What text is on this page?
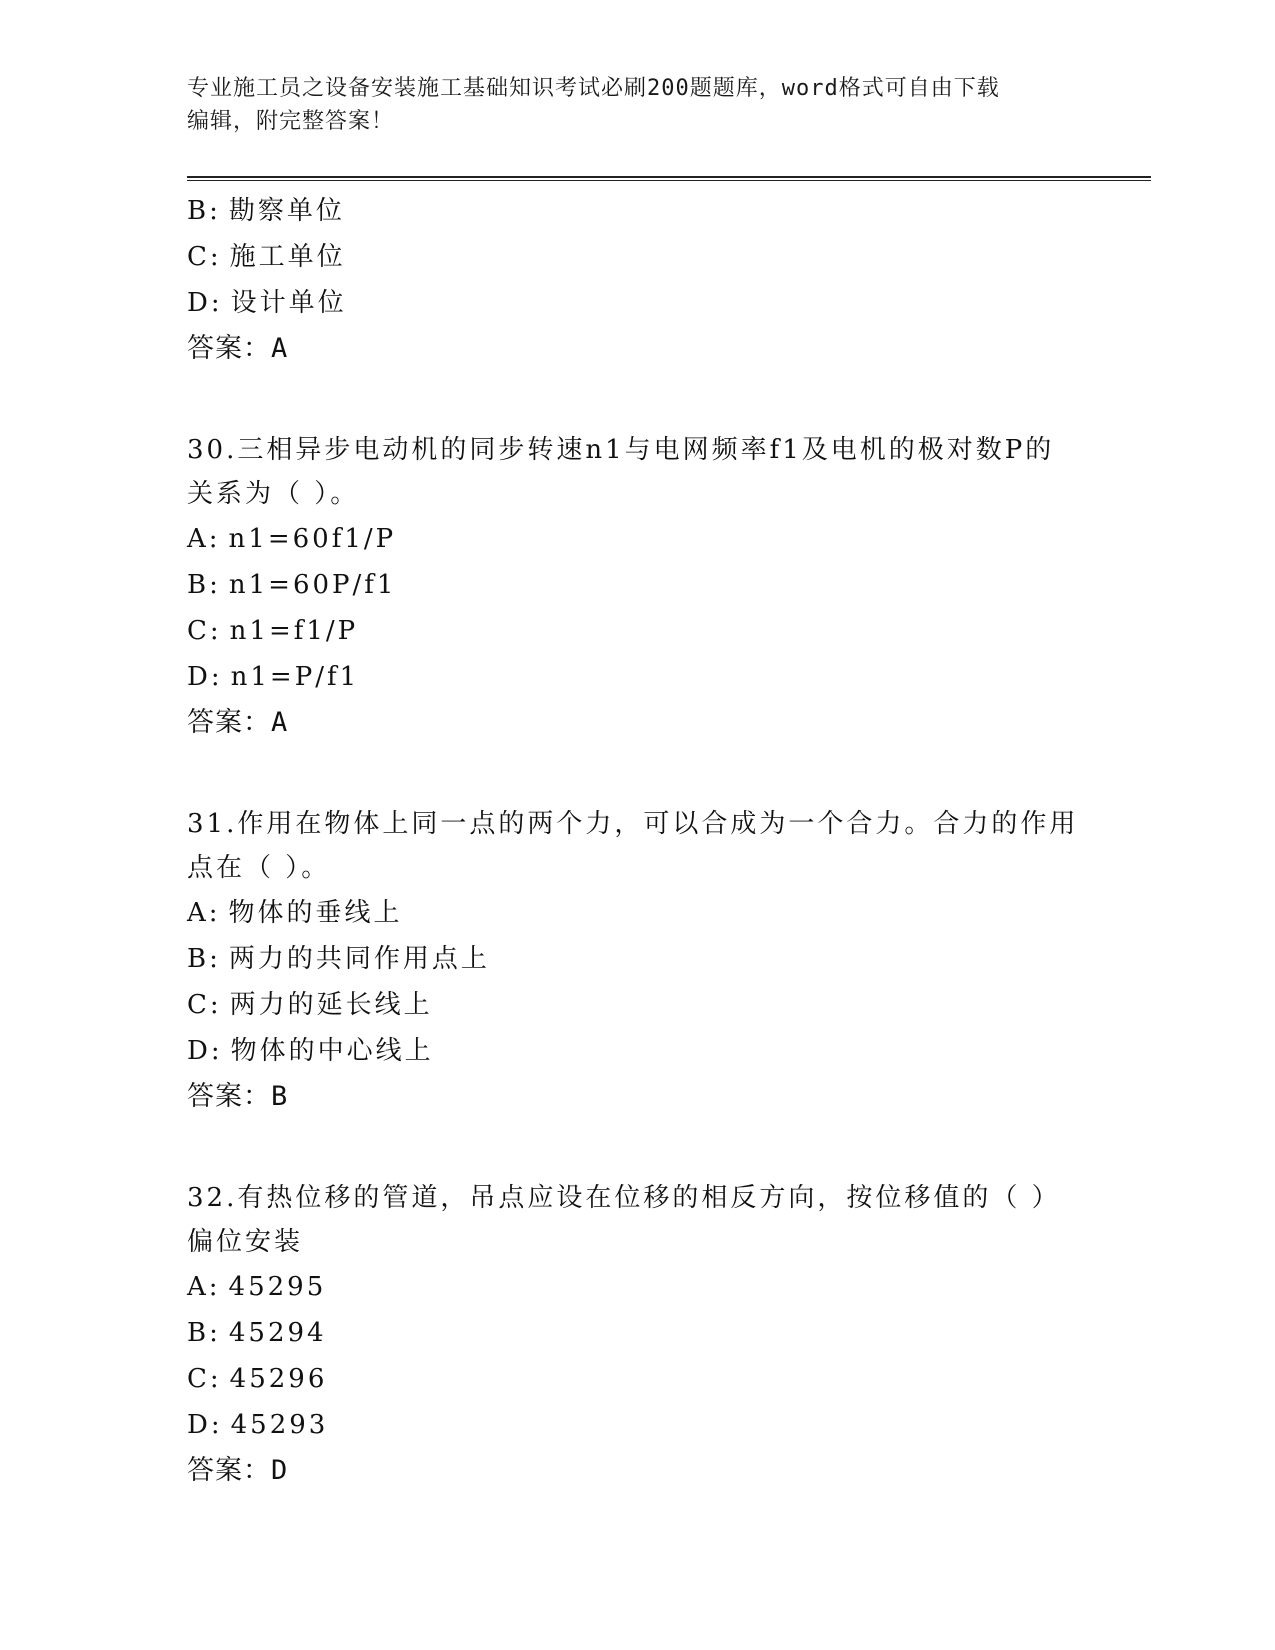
专业施工员之设备安装施工基础知识考试必刷200题题库，word格式可自由下载
编辑，附完整答案！
B: 勘察单位
C: 施工单位
D: 设计单位
答案：A
30.三相异步电动机的同步转速n1与电网频率f1及电机的极对数P的
关系为（ ）。
A: n1=60f1/P
B: n1=60P/f1
C: n1=f1/P
D: n1=P/f1
答案：A
31.作用在物体上同一点的两个力，可以合成为一个合力。合力的作用
点在（ ）。
A: 物体的垂线上
B: 两力的共同作用点上
C: 两力的延长线上
D: 物体的中心线上
答案：B
32.有热位移的管道，吊点应设在位移的相反方向，按位移值的（ ）
偏位安装
A: 45295
B: 45294
C: 45296
D: 45293
答案：D
